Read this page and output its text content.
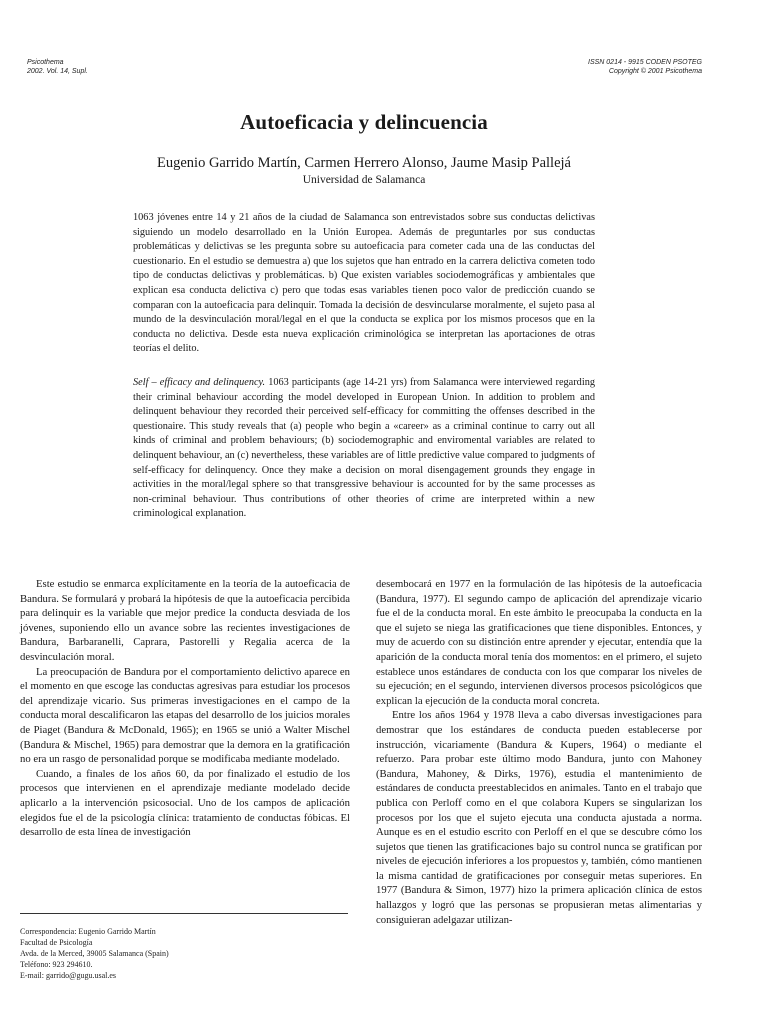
Psicothema
2002. Vol. 14, Supl.
ISSN 0214 - 9915 CODEN PSOTEG
Copyright © 2001 Psicothema
Autoeficacia y delincuencia
Eugenio Garrido Martín, Carmen Herrero Alonso, Jaume Masip Pallejá
Universidad de Salamanca
1063 jóvenes entre 14 y 21 años de la ciudad de Salamanca son entrevistados sobre sus conductas delictivas siguiendo un modelo desarrollado en la Unión Europea. Además de preguntarles por sus conductas problemáticas y delictivas se les pregunta sobre su autoeficacia para cometer cada una de las conductas del cuestionario. En el estudio se demuestra a) que los sujetos que han entrado en la carrera delictiva cometen todo tipo de conductas delictivas y problemáticas. b) Que existen variables sociodemográficas y ambientales que explican esa conducta delictiva c) pero que todas esas variables tienen poco valor de predicción cuando se comparan con la autoeficacia para delinquir. Tomada la decisión de desvincularse moralmente, el sujeto pasa al mundo de la desvinculación moral/legal en el que la conducta se explica por los mismos procesos que en la conducta no delictiva. Desde esta nueva explicación criminológica se interpretan las aportaciones de otras teorías el delito.
Self – efficacy and delinquency. 1063 participants (age 14-21 yrs) from Salamanca were interviewed regarding their criminal behaviour according the model developed in European Union. In addition to problem and delinquent behaviour they recorded their perceived self-efficacy for committing the offenses described in the questionaire. This study reveals that (a) people who begin a «career» as a criminal continue to carry out all kinds of criminal and problem behaviours; (b) sociodemographic and enviromental variables are related to delinquent behaviour, an (c) nevertheless, these variables are of little predictive value compared to judgments of self-efficacy for delinquency. Once they make a decision on moral disengagement grounds they engage in activities in the moral/legal sphere so that transgressive behaviour is accounted for by the same processes as non-criminal behaviour. Thus contributions of other theories of crime are interpreted within a new criminological explanation.

Este estudio se enmarca explícitamente en la teoría de la autoeficacia de Bandura. Se formulará y probará la hipótesis de que la autoeficacia percibida para delinquir es la variable que mejor predice la conducta desviada de los jóvenes, suponiendo ello un avance sobre las recientes investigaciones de Bandura, Barbaranelli, Caprara, Pastorelli y Regalia acerca de la desvinculación moral.

La preocupación de Bandura por el comportamiento delictivo aparece en el momento en que escoge las conductas agresivas para estudiar los procesos del aprendizaje vicario. Sus primeras investigaciones en el campo de la conducta moral descalificaron las etapas del desarrollo de los juicios morales de Piaget (Bandura & McDonald, 1965); en 1965 se unió a Walter Mischel (Bandura & Mischel, 1965) para demostrar que la demora en la gratificación no era un rasgo de personalidad porque se modificaba mediante modelado.

Cuando, a finales de los años 60, da por finalizado el estudio de los procesos que intervienen en el aprendizaje mediante modelado decide aplicarlo a la intervención psicosocial. Uno de los campos de aplicación elegidos fue el de la psicología clínica: tratamiento de conductas fóbicas. El desarrollo de esta línea de investigación

desembocará en 1977 en la formulación de las hipótesis de la autoeficacia (Bandura, 1977). El segundo campo de aplicación del aprendizaje vicario fue el de la conducta moral. En este ámbito le preocupaba la conducta en la que el sujeto se niega las gratificaciones que tiene disponibles. Entonces, y muy de acuerdo con su distinción entre aprender y ejecutar, entendía que la aparición de la conducta moral tenía dos momentos: en el primero, el sujeto establece unos estándares de conducta con los que comparar los niveles de su ejecución; en el segundo, intervienen diversos procesos psicológicos que explican la ejecución de la conducta moral concreta.

Entre los años 1964 y 1978 lleva a cabo diversas investigaciones para demostrar que los estándares de conducta pueden establecerse por instrucción, vicariamente (Bandura & Kupers, 1964) o mediante el refuerzo. Para probar este último modo Bandura, junto con Mahoney (Bandura, Mahoney, & Dirks, 1976), estudia el mantenimiento de estándares de conducta preestablecidos en animales. Tanto en el trabajo que publica con Perloff como en el que colabora Kupers se singularizan los procesos por los que el sujeto ejecuta una conducta ajustada a norma. Aunque es en el estudio escrito con Perloff en el que se descubre cómo los sujetos que tienen las gratificaciones bajo su control nunca se gratifican por niveles de ejecución inferiores a los propuestos y, también, cómo mantienen la misma cantidad de gratificaciones por conseguir metas superiores. En 1977 (Bandura & Simon, 1977) hizo la primera aplicación clínica de estos hallazgos y logró que las personas se propusieran metas alimentarias y consiguieran adelgazar utilizan-

Correspondencia: Eugenio Garrido Martín
Facultad de Psicología
Avda. de la Merced, 39005 Salamanca (Spain)
Teléfono: 923 294610.
E-mail: garrido@gugu.usal.es
